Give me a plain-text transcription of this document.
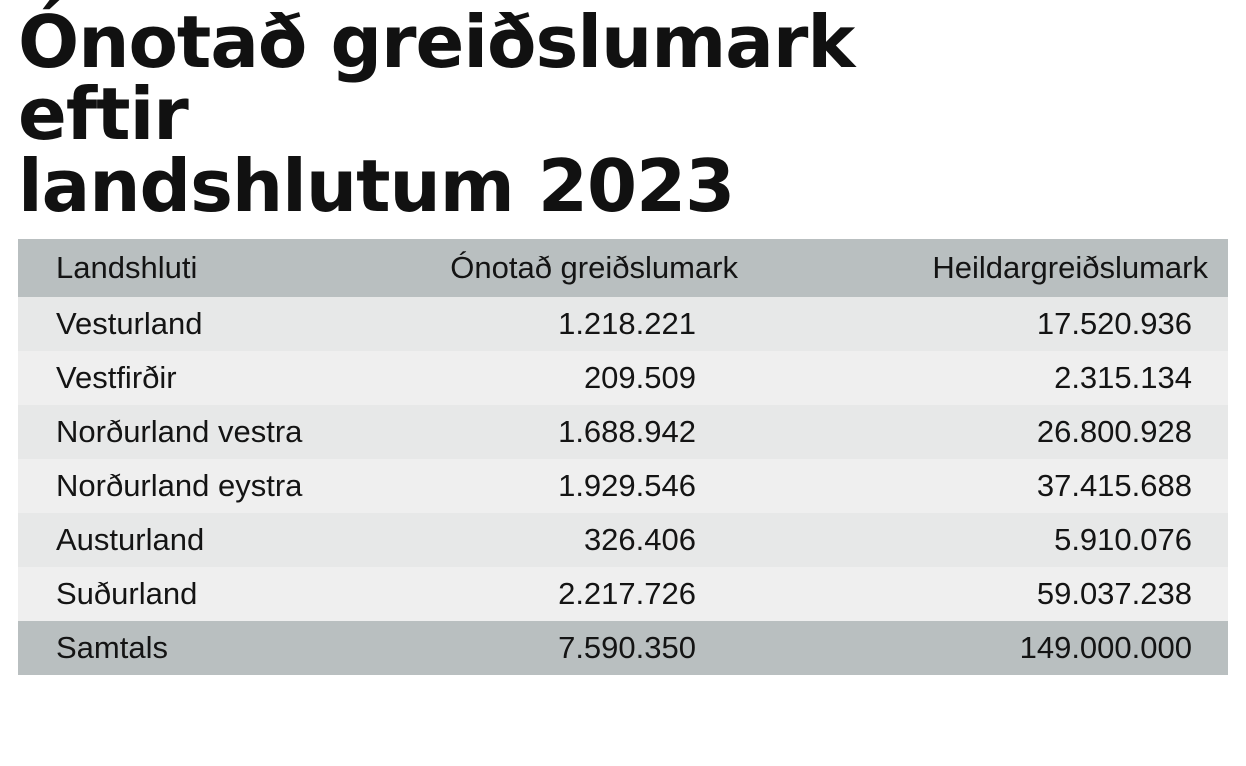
Ónotað greiðslumark eftir
landshlutum 2023
Landshluti	Ónotað greiðslumark	Heildargreiðslumark
Vesturland	1.218.221	17.520.936
Vestfirðir	209.509	2.315.134
Norðurland vestra	1.688.942	26.800.928
Norðurland eystra	1.929.546	37.415.688
Austurland	326.406	5.910.076
Suðurland	2.217.726	59.037.238
Samtals	7.590.350	149.000.000
